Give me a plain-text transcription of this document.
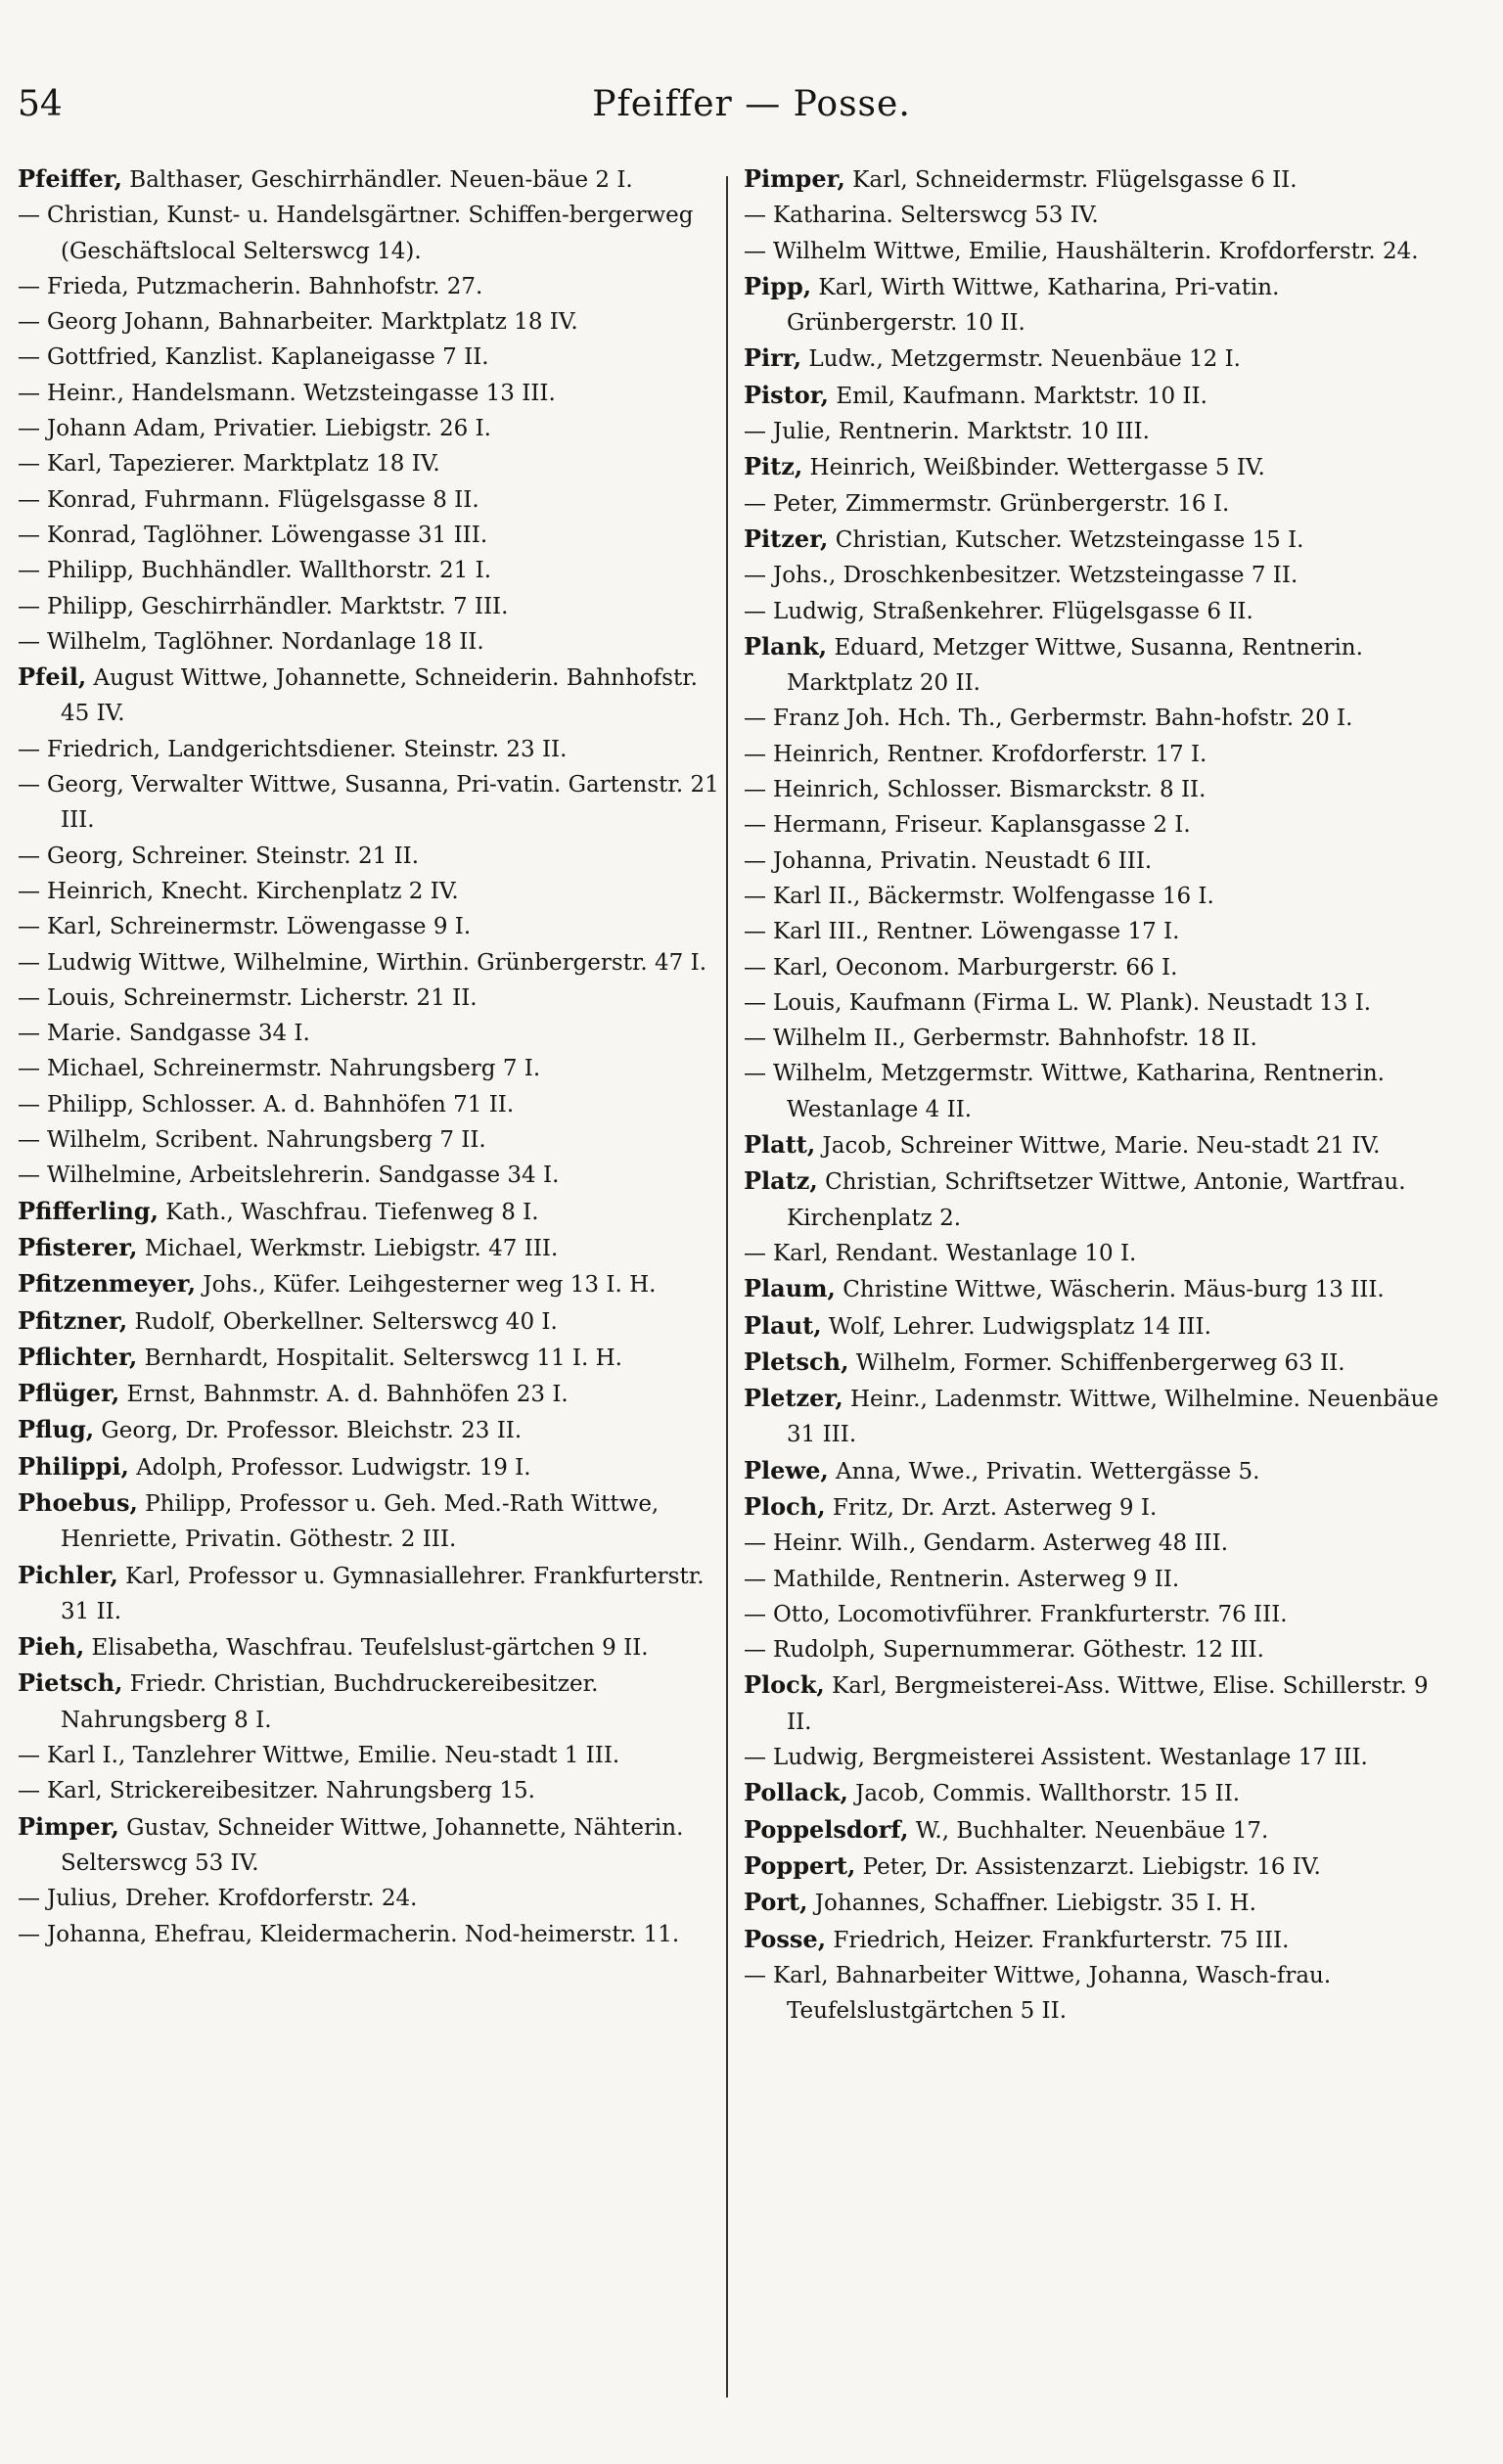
54	Pfeiffer — Posse.

Pfeiffer, Balthaser, Geschirrhändler. Neuen-bäue 2 I.

— Christian, Kunst- u. Handelsgärtner. Schiffen-bergerweg (Geschäftslocal Selterswcg 14).

— Frieda, Putzmacherin. Bahnhofstr. 27.

— Georg Johann, Bahnarbeiter. Marktplatz 18 IV.

— Gottfried, Kanzlist. Kaplaneigasse 7 II.

— Heinr., Handelsmann. Wetzsteingasse 13 III.

— Johann Adam, Privatier. Liebigstr. 26 I.

— Karl, Tapezierer. Marktplatz 18 IV.

— Konrad, Fuhrmann. Flügelsgasse 8 II.

— Konrad, Taglöhner. Löwengasse 31 III.

— Philipp, Buchhändler. Wallthorstr. 21 I.

— Philipp, Geschirrhändler. Marktstr. 7 III.

— Wilhelm, Taglöhner. Nordanlage 18 II.

Pfeil, August Wittwe, Johannette, Schneiderin. Bahnhofstr. 45 IV.

— Friedrich, Landgerichtsdiener. Steinstr. 23 II.

— Georg, Verwalter Wittwe, Susanna, Pri-vatin. Gartenstr. 21 III.

— Georg, Schreiner. Steinstr. 21 II.

— Heinrich, Knecht. Kirchenplatz 2 IV.

— Karl, Schreinermstr. Löwengasse 9 I.

— Ludwig Wittwe, Wilhelmine, Wirthin. Grünbergerstr. 47 I.

— Louis, Schreinermstr. Licherstr. 21 II.

— Marie. Sandgasse 34 I.

— Michael, Schreinermstr. Nahrungsberg 7 I.

— Philipp, Schlosser. A. d. Bahnhöfen 71 II.

— Wilhelm, Scribent. Nahrungsberg 7 II.

— Wilhelmine, Arbeitslehrerin. Sandgasse 34 I.

Pfifferling, Kath., Waschfrau. Tiefenweg 8 I.

Pfisterer, Michael, Werkmstr. Liebigstr. 47 III.

Pfitzenmeyer, Johs., Küfer. Leihgesterner weg 13 I. H.

Pfitzner, Rudolf, Oberkellner. Selterswcg 40 I.

Pflichter, Bernhardt, Hospitalit. Selterswcg 11 I. H.

Pflüger, Ernst, Bahnmstr. A. d. Bahnhöfen 23 I.

Pflug, Georg, Dr. Professor. Bleichstr. 23 II.

Philippi, Adolph, Professor. Ludwigstr. 19 I.

Phoebus, Philipp, Professor u. Geh. Med.-Rath Wittwe, Henriette, Privatin. Göthestr. 2 III.

Pichler, Karl, Professor u. Gymnasiallehrer. Frankfurterstr. 31 II.

Pieh, Elisabetha, Waschfrau. Teufelslust-gärtchen 9 II.

Pietsch, Friedr. Christian, Buchdruckereibesitzer. Nahrungsberg 8 I.

— Karl I., Tanzlehrer Wittwe, Emilie. Neu-stadt 1 III.

— Karl, Strickereibesitzer. Nahrungsberg 15.

Pimper, Gustav, Schneider Wittwe, Johannette, Nähterin. Selterswcg 53 IV.

— Julius, Dreher. Krofdorferstr. 24.

— Johanna, Ehefrau, Kleidermacherin. Nod-heimerstr. 11.

Pimper, Karl, Schneidermstr. Flügelsgasse 6 II.

— Katharina. Selterswcg 53 IV.

— Wilhelm Wittwe, Emilie, Haushälterin. Krofdorferstr. 24.

Pipp, Karl, Wirth Wittwe, Katharina, Pri-vatin. Grünbergerstr. 10 II.

Pirr, Ludw., Metzgermstr. Neuenbäue 12 I.

Pistor, Emil, Kaufmann. Marktstr. 10 II.

— Julie, Rentnerin. Marktstr. 10 III.

Pitz, Heinrich, Weißbinder. Wettergasse 5 IV.

— Peter, Zimmermstr. Grünbergerstr. 16 I.

Pitzer, Christian, Kutscher. Wetzsteingasse 15 I.

— Johs., Droschkenbesitzer. Wetzsteingasse 7 II.

— Ludwig, Straßenkehrer. Flügelsgasse 6 II.

Plank, Eduard, Metzger Wittwe, Susanna, Rentnerin. Marktplatz 20 II.

— Franz Joh. Hch. Th., Gerbermstr. Bahn-hofstr. 20 I.

— Heinrich, Rentner. Krofdorferstr. 17 I.

— Heinrich, Schlosser. Bismarckstr. 8 II.

— Hermann, Friseur. Kaplansgasse 2 I.

— Johanna, Privatin. Neustadt 6 III.

— Karl II., Bäckermstr. Wolfengasse 16 I.

— Karl III., Rentner. Löwengasse 17 I.

— Karl, Oeconom. Marburgerstr. 66 I.

— Louis, Kaufmann (Firma L. W. Plank). Neustadt 13 I.

— Wilhelm II., Gerbermstr. Bahnhofstr. 18 II.

— Wilhelm, Metzgermstr. Wittwe, Katharina, Rentnerin. Westanlage 4 II.

Platt, Jacob, Schreiner Wittwe, Marie. Neu-stadt 21 IV.

Platz, Christian, Schriftsetzer Wittwe, Antonie, Wartfrau. Kirchenplatz 2.

— Karl, Rendant. Westanlage 10 I.

Plaum, Christine Wittwe, Wäscherin. Mäus-burg 13 III.

Plaut, Wolf, Lehrer. Ludwigsplatz 14 III.

Pletsch, Wilhelm, Former. Schiffenbergerweg 63 II.

Pletzer, Heinr., Ladenmstr. Wittwe, Wilhelmine. Neuenbäue 31 III.

Plewe, Anna, Wwe., Privatin. Wettergässe 5.

Ploch, Fritz, Dr. Arzt. Asterweg 9 I.

— Heinr. Wilh., Gendarm. Asterweg 48 III.

— Mathilde, Rentnerin. Asterweg 9 II.

— Otto, Locomotivführer. Frankfurterstr. 76 III.

— Rudolph, Supernummerar. Göthestr. 12 III.

Plock, Karl, Bergmeisterei-Ass. Wittwe, Elise. Schillerstr. 9 II.

— Ludwig, Bergmeisterei Assistent. Westanlage 17 III.

Pollack, Jacob, Commis. Wallthorstr. 15 II.

Poppelsdorf, W., Buchhalter. Neuenbäue 17.

Poppert, Peter, Dr. Assistenzarzt. Liebigstr. 16 IV.

Port, Johannes, Schaffner. Liebigstr. 35 I. H.

Posse, Friedrich, Heizer. Frankfurterstr. 75 III.

— Karl, Bahnarbeiter Wittwe, Johanna, Wasch-frau. Teufelslustgärtchen 5 II.
